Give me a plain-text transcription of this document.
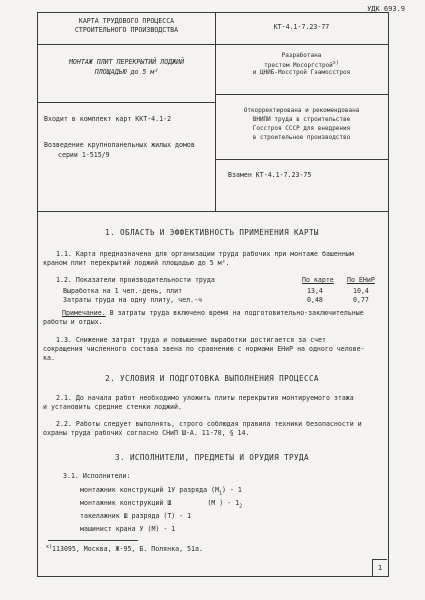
УДК 693.9
КАРТА ТРУДОВОГО ПРОЦЕССА
СТРОИТЕЛЬНОГО ПРОИЗВОДСТВА
МОНТАЖ ПЛИТ ПЕРЕКРЫТИЙ ЛОДЖИЙ
ПЛОЩАДЬЮ до 5 м²
Входит в комплект карт ККТ-4.1-2
Возведение крупнопанельных жилых домов
серии 1-515/9
КТ-4.1-7.23-77
Разработана
трестом Мосоргстрой$^{x)}$
и ЦНИБ-Мосстрой Гэамосстроя
Откорректирована и рекомендована
ВНИПИ труда в строительстве
Госстроя СССР для внедрения
в строительное производство
Взамен КТ-4.1-7.23-75
1. ОБЛАСТЬ И ЭФФЕКТИВНОСТЬ ПРИМЕНЕНИЯ КАРТЫ
1.1. Карта предназначена для организации труда рабочих при монтаже башенным
краном плит перекрытий лоджий площадью до 5 м².
1.2. Показатели производительности труда	По карте По ЕНиР
Выработка на 1 чел.-день, плит	13,4	10,4
Затраты труда на одну плиту, чел.-ч	0,48	0,77
Примечание. В затраты труда включено время на подготовительно-заключительные
работы и отдых.
1.3. Снижение затрат труда и повышение выработки достигается за счет
сокращения численного состава звена по сравнению с нормами ЕНиР на одного челове-
ка.
2. УСЛОВИЯ И ПОДГОТОВКА ВЫПОЛНЕНИЯ ПРОЦЕССА
2.1. До начала работ необходимо уложить плиты перекрытия монтируемого этажа
и установить средние стенки лоджий.
2.2. Работы следует выполнять, строго соблюдая правила техники безопасности и
охраны труда рабочих согласно СНиП Ш-А. 11-70, § 14.
3. ИСПОЛНИТЕЛИ, ПРЕДМЕТЫ И ОРУДИЯ ТРУДА
3.1. Исполнители:
монтажник конструкций 1У разряда $(М_1) - 1$
монтажник конструкций Ш	(М ) - $1_2$
такелажник Ш разряда (Т) - 1
машинист крана У (М) - 1
$^{x)}$113095, Москва, Ж-95, Б. Полянка, 51а.
1
